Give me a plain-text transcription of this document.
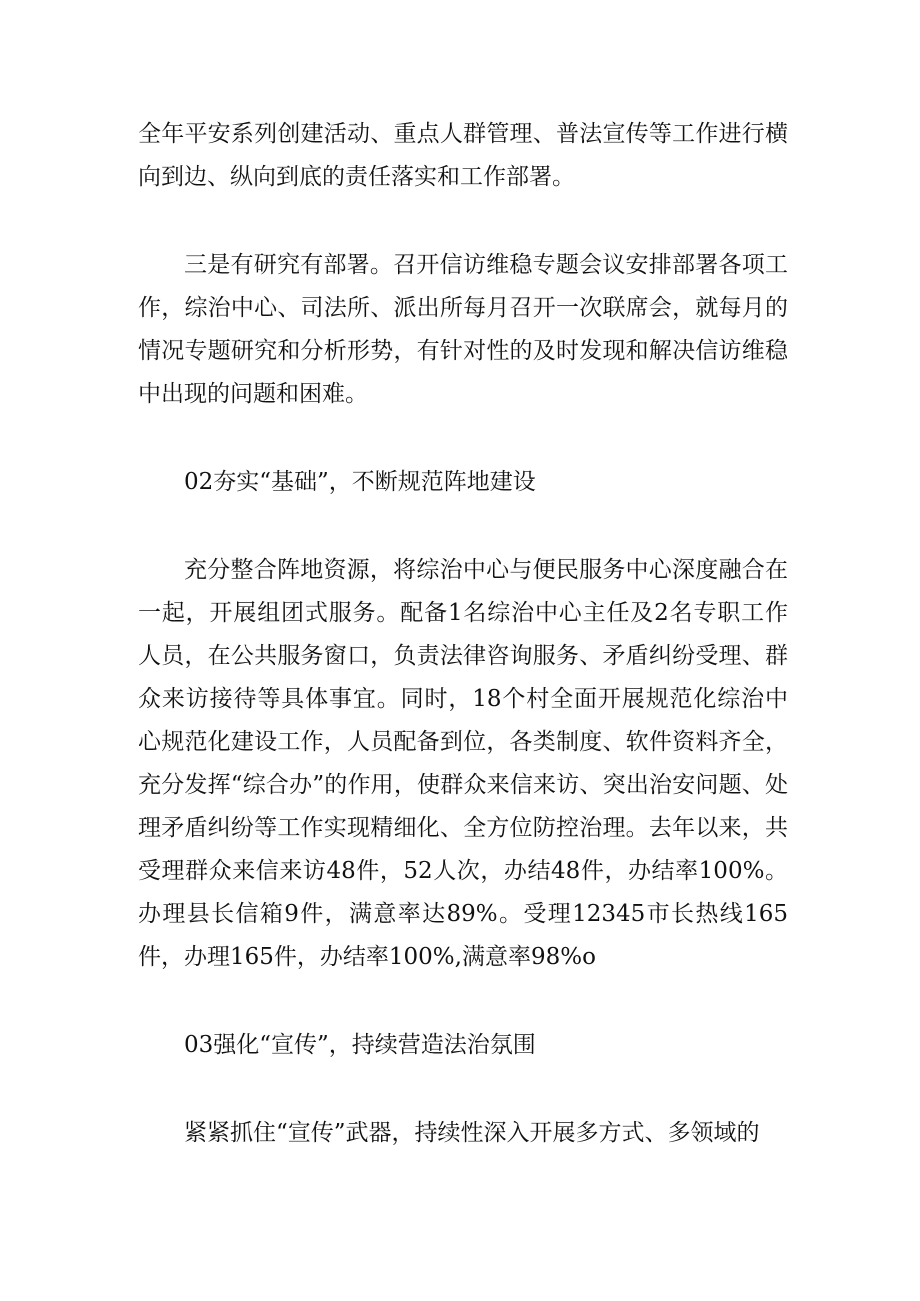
全年平安系列创建活动、重点人群管理、普法宣传等工作进行横向到边、纵向到底的责任落实和工作部署。

三是有研究有部署。召开信访维稳专题会议安排部署各项工作，综治中心、司法所、派出所每月召开一次联席会，就每月的情况专题研究和分析形势，有针对性的及时发现和解决信访维稳中出现的问题和困难。

02夯实“基础”，不断规范阵地建设

充分整合阵地资源，将综治中心与便民服务中心深度融合在一起，开展组团式服务。配备1名综治中心主任及2名专职工作人员，在公共服务窗口，负责法律咨询服务、矛盾纠纷受理、群众来访接待等具体事宜。同时，18个村全面开展规范化综治中心规范化建设工作，人员配备到位，各类制度、软件资料齐全，充分发挥“综合办”的作用，使群众来信来访、突出治安问题、处理矛盾纠纷等工作实现精细化、全方位防控治理。去年以来，共受理群众来信来访48件，52人次，办结48件，办结率100%。办理县长信箱9件，满意率达89%。受理12345市长热线165件，办理165件，办结率100%,满意率98%o

03强化“宣传”，持续营造法治氛围

紧紧抓住“宣传”武器，持续性深入开展多方式、多领域的
